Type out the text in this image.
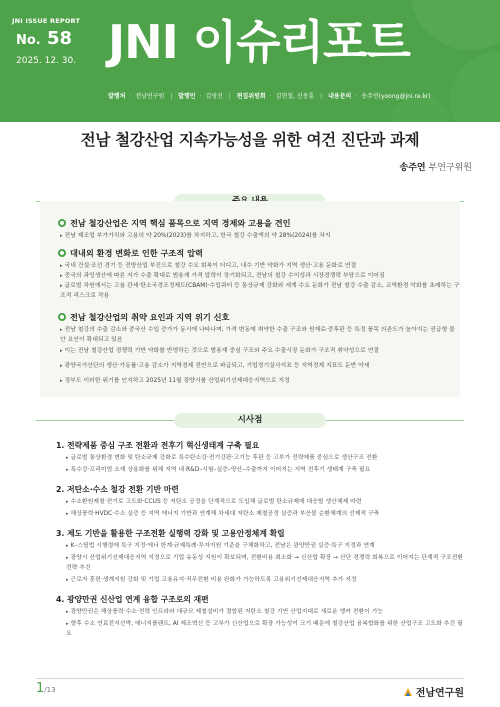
JNI ISSUE REPORT
No. 58
2025. 12. 30. JNI 이슈리포트
발행처 · 전남연구원 | 발행인 · 김영선 | 편집위원회 · 김현철, 신동훈 | 내용문의 · 송주연(yoong@jni.re.kr)
전남 철강산업 지속가능성을 위한 여건 진단과 과제
송주연 부연구위원
전남 철강산업은 지역 핵심 품목으로 지역 경제와 고용을 견인
▸ 전남 제조업 부가가치와 고용의 약 20%(2023)를 차지하고, 한국 철강 수출액의 약 28%(2024)를 차지
대내외 환경 변화로 인한 구조적 압력
▸ 국내 건설·조선 경기 등 전방산업 부진으로 철강 수요 회복이 더디고, 내수 기반 약화가 지역 생산·고용 둔화로 연결
▸ 중국의 과잉생산에 따른 저가 수출 확대로 범용재 가격 압력이 장기화되고, 전남의 철강 수익성과 시장경쟁력 부담으로 이어짐
▸ 글로벌 차원에서는 고율 관세·탄소국경조정제도(CBAM)·수입쿼터 등 통상규제 강화와 세계 수요 둔화가 전남 철강 수출 감소, 교역환경 악화를 초래하는 구조적 리스크로 작용
전남 철강산업의 취약 요인과 지역 위기 신호
▸ 전남 철강의 수출 감소와 중국산 수입 증가가 동시에 나타나며, 가격 변동에 취약한 수출 구조와 원재료·중후판 등 특정 품목 의존도가 높아지는 권급형 불안 요인이 확대되고 있음
▸ 이는 전남 철강산업 경쟁력 기반 약화를 반영하는 것으로 범용재 중심 구조와 주요 수출시장 둔화가 구조적 취약성으로 연결
▸ 광양국가산단의 생산·가동률·고용 감소가 지역경제 전반으로 파급되고, 기업경기실사지표 등 지역경제 지표도 둔반 약세
▸ 정부도 이러한 위기를 인지하고 2025년 11월 광양시를 산업위기선제대응지역으로 지정
시사점
1. 전략제품 중심 구조 전환과 전후기 혁신생태계 구축 필요
▸ 글로벌 통상환경 변화 및 탄소규제 강화로 특수탄소강·전기강판·고기능 후판 등 고부가 전략제품 중심으로 생산구조 전환
▸ 특수강·프리미엄 소재 상용화를 위해 지역 내 R&D–시험–실증–양산–수출까지 이어지는 지역 전후기 생태계 구축 필요
2. 저탄소·수소 철강 전환 기반 마련
▸ 수소환원제철·전기로 고도화·CCUS 등 저탄소 공정을 단계적으로 도입해 글로벌 탄소규제에 대응할 생산체제 마련
▸ 해상풍력·HVDC·수소 실증 등 지역 에너지 기반과 연계해 차세대 저탄소 제철공정 실증과 부산물 순환체계의 선제적 구축
3. 제도 기반을 활용한 구조전환 실행력 강화 및 고용안정체계 확립
▸ K–스틸법 시행령에 특구 지정·에너 한계·규제특례·투자지원 기준을 구체화하고, 전남은 광양만권 실증·특구 지정과 연계
▸ 광양시 산업위기선제대응지역 지정으로 기업 유동성 지원이 확보되며, 전환비용 최소화 → 신산업 확장 → 산단 경쟁력 회복으로 이어지는 단계적 구조전환 전략 추진
▸ 근로자 훈련·생계지원 강화 및 기업 고용유지·직무전환 비용 완화가 가능하도록 고용위기선제대응지역 추가 지정
4. 광양만권 신산업 연계 융합 구조로의 재편
▸ 광양만권은 해상풍력·수소·전력 인프라와 대규모 제철설비가 결합된 저탄소 철강 기반 산업지대로 새로운 앵커 전환이 가능
▸ 향후 수소 연료전지선박, 에너지플랜트, AI 제조혁신 등 고부가 신산업으로 확장 가능성이 크기 때문에 철강산업 융복합화를 위한 산업구조 고도화 추진 필요
1/13	전남연구원
